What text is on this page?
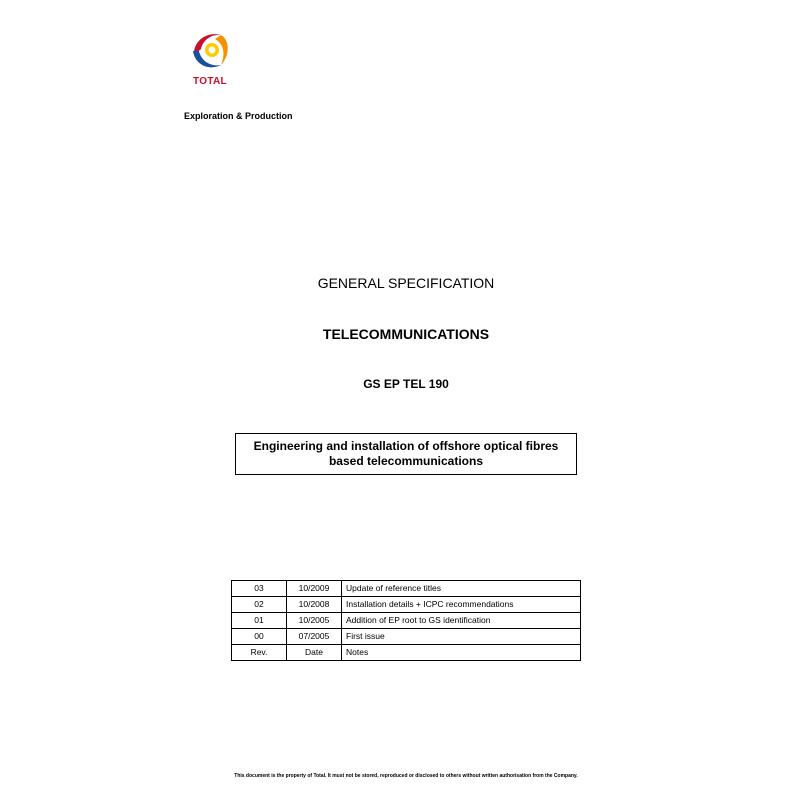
TOTAL
Exploration & Production
GENERAL SPECIFICATION
TELECOMMUNICATIONS
GS EP TEL 190
Engineering and installation of offshore optical fibres based telecommunications
03	10/2009	Update of reference titles
02	10/2008	Installation details + ICPC recommendations
01	10/2005	Addition of EP root to GS identification
00	07/2005	First issue
Rev.	Date	Notes
This document is the property of Total. It must not be stored, reproduced or disclosed to others without written authorisation from the Company.
